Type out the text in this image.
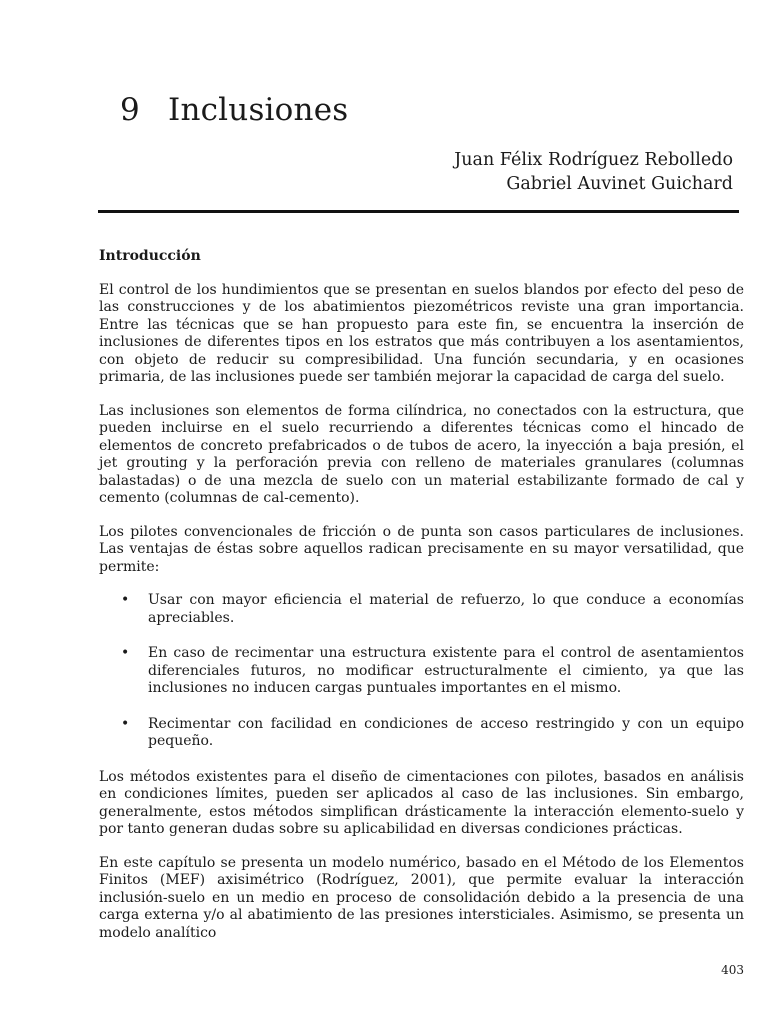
9 Inclusiones
Juan Félix Rodríguez Rebolledo
Gabriel Auvinet Guichard
Introducción

El control de los hundimientos que se presentan en suelos blandos por efecto del peso de las construcciones y de los abatimientos piezométricos reviste una gran importancia. Entre las técnicas que se han propuesto para este fin, se encuentra la inserción de inclusiones de diferentes tipos en los estratos que más contribuyen a los asentamientos, con objeto de reducir su compresibilidad. Una función secundaria, y en ocasiones primaria, de las inclusiones puede ser también mejorar la capacidad de carga del suelo.

Las inclusiones son elementos de forma cilíndrica, no conectados con la estructura, que pueden incluirse en el suelo recurriendo a diferentes técnicas como el hincado de elementos de concreto prefabricados o de tubos de acero, la inyección a baja presión, el jet grouting y la perforación previa con relleno de materiales granulares (columnas balastadas) o de una mezcla de suelo con un material estabilizante formado de cal y cemento (columnas de cal-cemento).

Los pilotes convencionales de fricción o de punta son casos particulares de inclusiones. Las ventajas de éstas sobre aquellos radican precisamente en su mayor versatilidad, que permite:

• Usar con mayor eficiencia el material de refuerzo, lo que conduce a economías apreciables.
• En caso de recimentar una estructura existente para el control de asentamientos diferenciales futuros, no modificar estructuralmente el cimiento, ya que las inclusiones no inducen cargas puntuales importantes en el mismo.
• Recimentar con facilidad en condiciones de acceso restringido y con un equipo pequeño.

Los métodos existentes para el diseño de cimentaciones con pilotes, basados en análisis en condiciones límites, pueden ser aplicados al caso de las inclusiones. Sin embargo, generalmente, estos métodos simplifican drásticamente la interacción elemento-suelo y por tanto generan dudas sobre su aplicabilidad en diversas condiciones prácticas.

En este capítulo se presenta un modelo numérico, basado en el Método de los Elementos Finitos (MEF) axisimétrico (Rodríguez, 2001), que permite evaluar la interacción inclusión-suelo en un medio en proceso de consolidación debido a la presencia de una carga externa y/o al abatimiento de las presiones intersticiales. Asimismo, se presenta un modelo analítico

403
